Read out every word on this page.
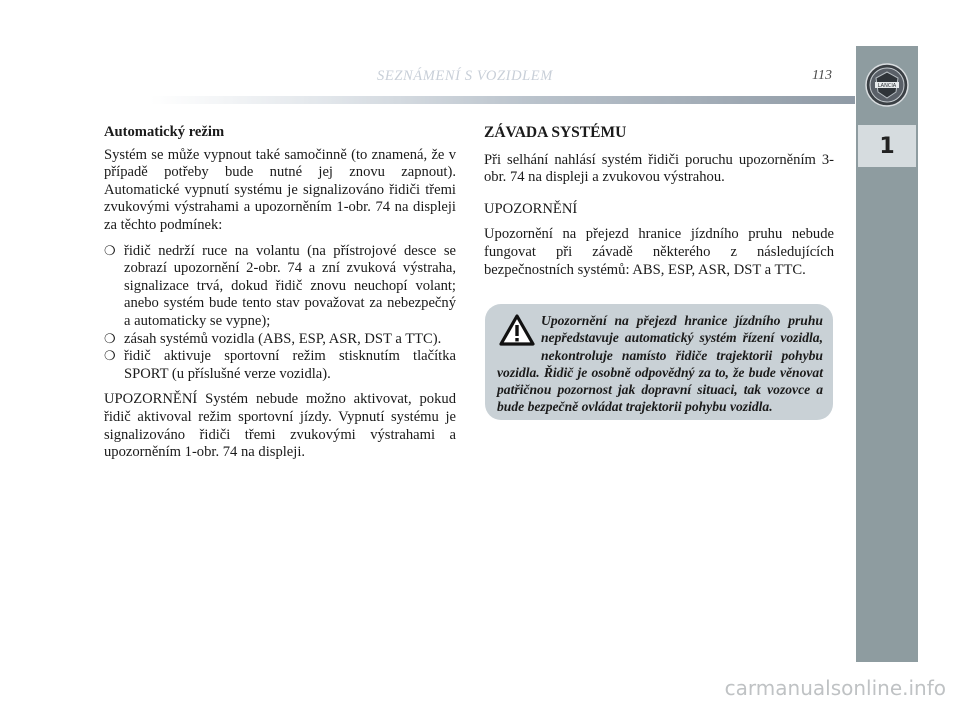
SEZNÁMENÍ S VOZIDLEM	113
LANCIA
1
Automatický režim

Systém se může vypnout také samočinně (to znamená, že v případě potřeby bude nutné jej znovu zapnout). Automatické vypnutí systému je signalizováno řidiči třemi zvukovými výstrahami a upozorněním 1-obr. 74 na displeji za těchto podmínek:

❍ řidič nedrží ruce na volantu (na přístrojové desce se zobrazí upozornění 2-obr. 74 a zní zvuková výstraha, signalizace trvá, dokud řidič znovu neuchopí volant; anebo systém bude tento stav považovat za nebezpečný a automaticky se vypne);
❍ zásah systémů vozidla (ABS, ESP, ASR, DST a TTC).
❍ řidič aktivuje sportovní režim stisknutím tlačítka SPORT (u příslušné verze vozidla).

UPOZORNĚNÍ Systém nebude možno aktivovat, pokud řidič aktivoval režim sportovní jízdy. Vypnutí systému je signalizováno řidiči třemi zvukovými výstrahami a upozorněním 1-obr. 74 na displeji.

ZÁVADA SYSTÉMU

Při selhání nahlásí systém řidiči poruchu upozorněním 3-obr. 74 na displeji a zvukovou výstrahou.

UPOZORNĚNÍ

Upozornění na přejezd hranice jízdního pruhu nebude fungovat při závadě některého z následujících bezpečnostních systémů: ABS, ESP, ASR, DST a TTC.

Upozornění na přejezd hranice jízdního pruhu nepředstavuje automatický systém řízení vozidla, nekontroluje namísto řidiče trajektorii pohybu vozidla. Řidič je osobně odpovědný za to, že bude věnovat patřičnou pozornost jak dopravní situaci, tak vozovce a bude bezpečně ovládat trajektorii pohybu vozidla.
carmanualsonline.info
